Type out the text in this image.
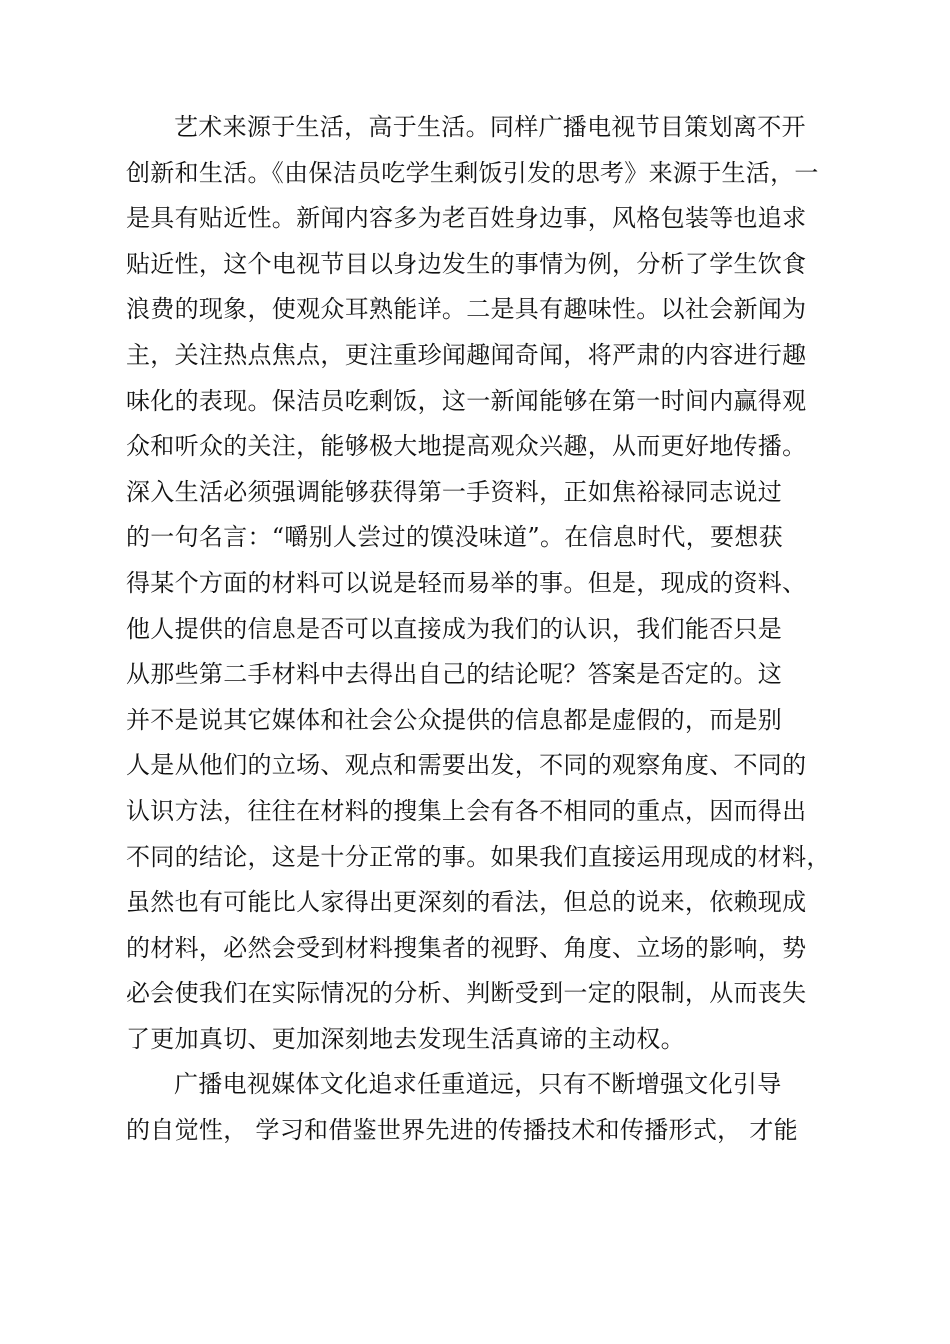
艺术来源于生活，高于生活。同样广播电视节目策划离不开
创新和生活。《由保洁员吃学生剩饭引发的思考》来源于生活，一
是具有贴近性。新闻内容多为老百姓身边事，风格包装等也追求
贴近性，这个电视节目以身边发生的事情为例，分析了学生饮食
浪费的现象，使观众耳熟能详。二是具有趣味性。以社会新闻为
主，关注热点焦点，更注重珍闻趣闻奇闻，将严肃的内容进行趣
味化的表现。保洁员吃剩饭，这一新闻能够在第一时间内赢得观
众和听众的关注，能够极大地提高观众兴趣，从而更好地传播。
深入生活必须强调能够获得第一手资料，正如焦裕禄同志说过
的一句名言：“嚼别人尝过的馍没味道”。在信息时代，要想获
得某个方面的材料可以说是轻而易举的事。但是，现成的资料、
他人提供的信息是否可以直接成为我们的认识，我们能否只是
从那些第二手材料中去得出自己的结论呢？答案是否定的。这
并不是说其它媒体和社会公众提供的信息都是虚假的，而是别
人是从他们的立场、观点和需要出发，不同的观察角度、不同的
认识方法，往往在材料的搜集上会有各不相同的重点，因而得出
不同的结论，这是十分正常的事。如果我们直接运用现成的材料，
虽然也有可能比人家得出更深刻的看法，但总的说来，依赖现成
的材料，必然会受到材料搜集者的视野、角度、立场的影响，势
必会使我们在实际情况的分析、判断受到一定的限制，从而丧失
了更加真切、更加深刻地去发现生活真谛的主动权。
广播电视媒体文化追求任重道远，只有不断增强文化引导
的自觉性， 学习和借鉴世界先进的传播技术和传播形式， 才能
